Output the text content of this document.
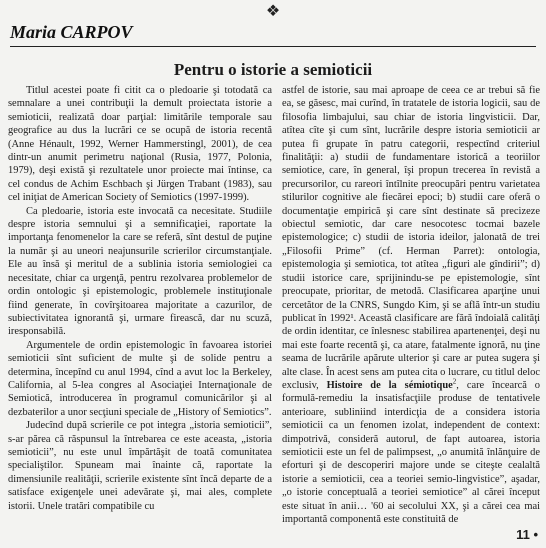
❖
Maria CARPOV
Pentru o istorie a semioticii

Titlul acestei poate fi citit ca o pledoarie şi totodată ca semnalare a unei contribuţii la demult proiectata istorie a semioticii, realizată doar parţial: limitările temporale sau geografice au dus la lucrări ce se ocupă de istoria recentă (Anne Hénault, 1992, Werner Hammerstingl, 2001), de cea dintr-un anumit perimetru naţional (Rusia, 1977, Polonia, 1979), deşi există şi rezultatele unor proiecte mai întinse, ca cel condus de Achim Eschbach şi Jürgen Trabant (1983), sau cel iniţiat de American Society of Semiotics (1997-1999).

Ca pledoarie, istoria este invocată ca necesitate. Studiile despre istoria semnului şi a semnificaţiei, raportate la importanţa fenomenelor la care se referă, sînt destul de puţine la număr şi au uneori neajunsurile scrierilor circumstanţiale. Ele au însă şi meritul de a sublinia istoria semiologiei ca necesitate, chiar ca urgenţă, pentru rezolvarea problemelor de ordin ontologic şi epistemologic, problemele instituţionale fiind generate, în covîrşitoarea majoritate a cazurilor, de subiectivitatea ignorantă şi, urmare firească, dar nu scuză, iresponsabilă.

Argumentele de ordin epistemologic în favoarea istoriei semioticii sînt suficient de multe şi de solide pentru a determina, începînd cu anul 1994, cînd a avut loc la Berkeley, California, al 5-lea congres al Asociaţiei Internaţionale de Semiotică, introducerea în programul comunicărilor şi al dezbaterilor a unor secţiuni speciale de „History of Semiotics”.

Judecînd după scrierile ce pot integra „istoria semioticii”, s-ar părea că răspunsul la întrebarea ce este aceasta, „istoria semioticii”, nu este unul împărtăşit de toată comunitatea specialiştilor. Spuneam mai înainte că, raportate la dimensiunile realităţii, scrierile existente sînt încă departe de a satisface exigenţele unei adevărate şi, mai ales, complete istorii. Unele tratări compatibile cu

astfel de istorie, sau mai aproape de ceea ce ar trebui să fie ea, se găsesc, mai curînd, în tratatele de istoria logicii, sau de filosofia limbajului, sau chiar de istoria lingvisticii. Dar, atîtea cîte şi cum sînt, lucrările despre istoria semioticii ar putea fi grupate în patru categorii, respectînd criteriul finalităţii: a) studii de fundamentare istorică a teoriilor semiotice, care, în general, îşi propun trecerea în revistă a precursorilor, cu rareori întîlnite preocupări pentru varietatea stilurilor cognitive ale fiecărei epoci; b) studii care oferă o documentaţie empirică şi care sînt destinate să precizeze obiectul semiotic, dar care nesocotesc tocmai bazele epistemologice; c) studii de istoria ideilor, jalonată de trei „Filosofii Prime” (cf. Herman Parret): ontologia, epistemologia şi semiotica, tot atîtea „figuri ale gîndirii”; d) studii istorice care, sprijinindu-se pe epistemologie, sînt preocupate, prioritar, de metodă. Clasificarea aparţine unui cercetător de la CNRS, Sungdo Kim, şi se află într-un studiu publicat în 1992¹. Această clasificare are fără îndoială calităţi de ordin identitar, ce înlesnesc stabilirea apartenenţei, deşi nu mai este foarte recentă şi, ca atare, fatalmente ignoră, nu ţine seama de lucrările apărute ulterior şi care ar putea sugera şi alte clase. În acest sens am putea cita o lucrare, cu titlul deloc exclusiv, Histoire de la sémiotique$^2$, care încearcă o formulă-remediu la insatisfacţiile produse de tentativele anterioare, subliniind interdicţia de a considera istoria semioticii ca un fenomen izolat, independent de context: dimpotrivă, consideră autorul, de fapt autoarea, istoria semioticii este un fel de palimpsest, „o anumită înlănţuire de eforturi şi de descoperiri majore unde se citeşte cealaltă istorie a semioticii, cea a teoriei semio-lingvistice”, aşadar, „o istorie conceptuală a teoriei semiotice” al cărei început este situat în anii… '60 ai secolului XX, şi a cărei cea mai importantă componentă este constituită de

11 •
